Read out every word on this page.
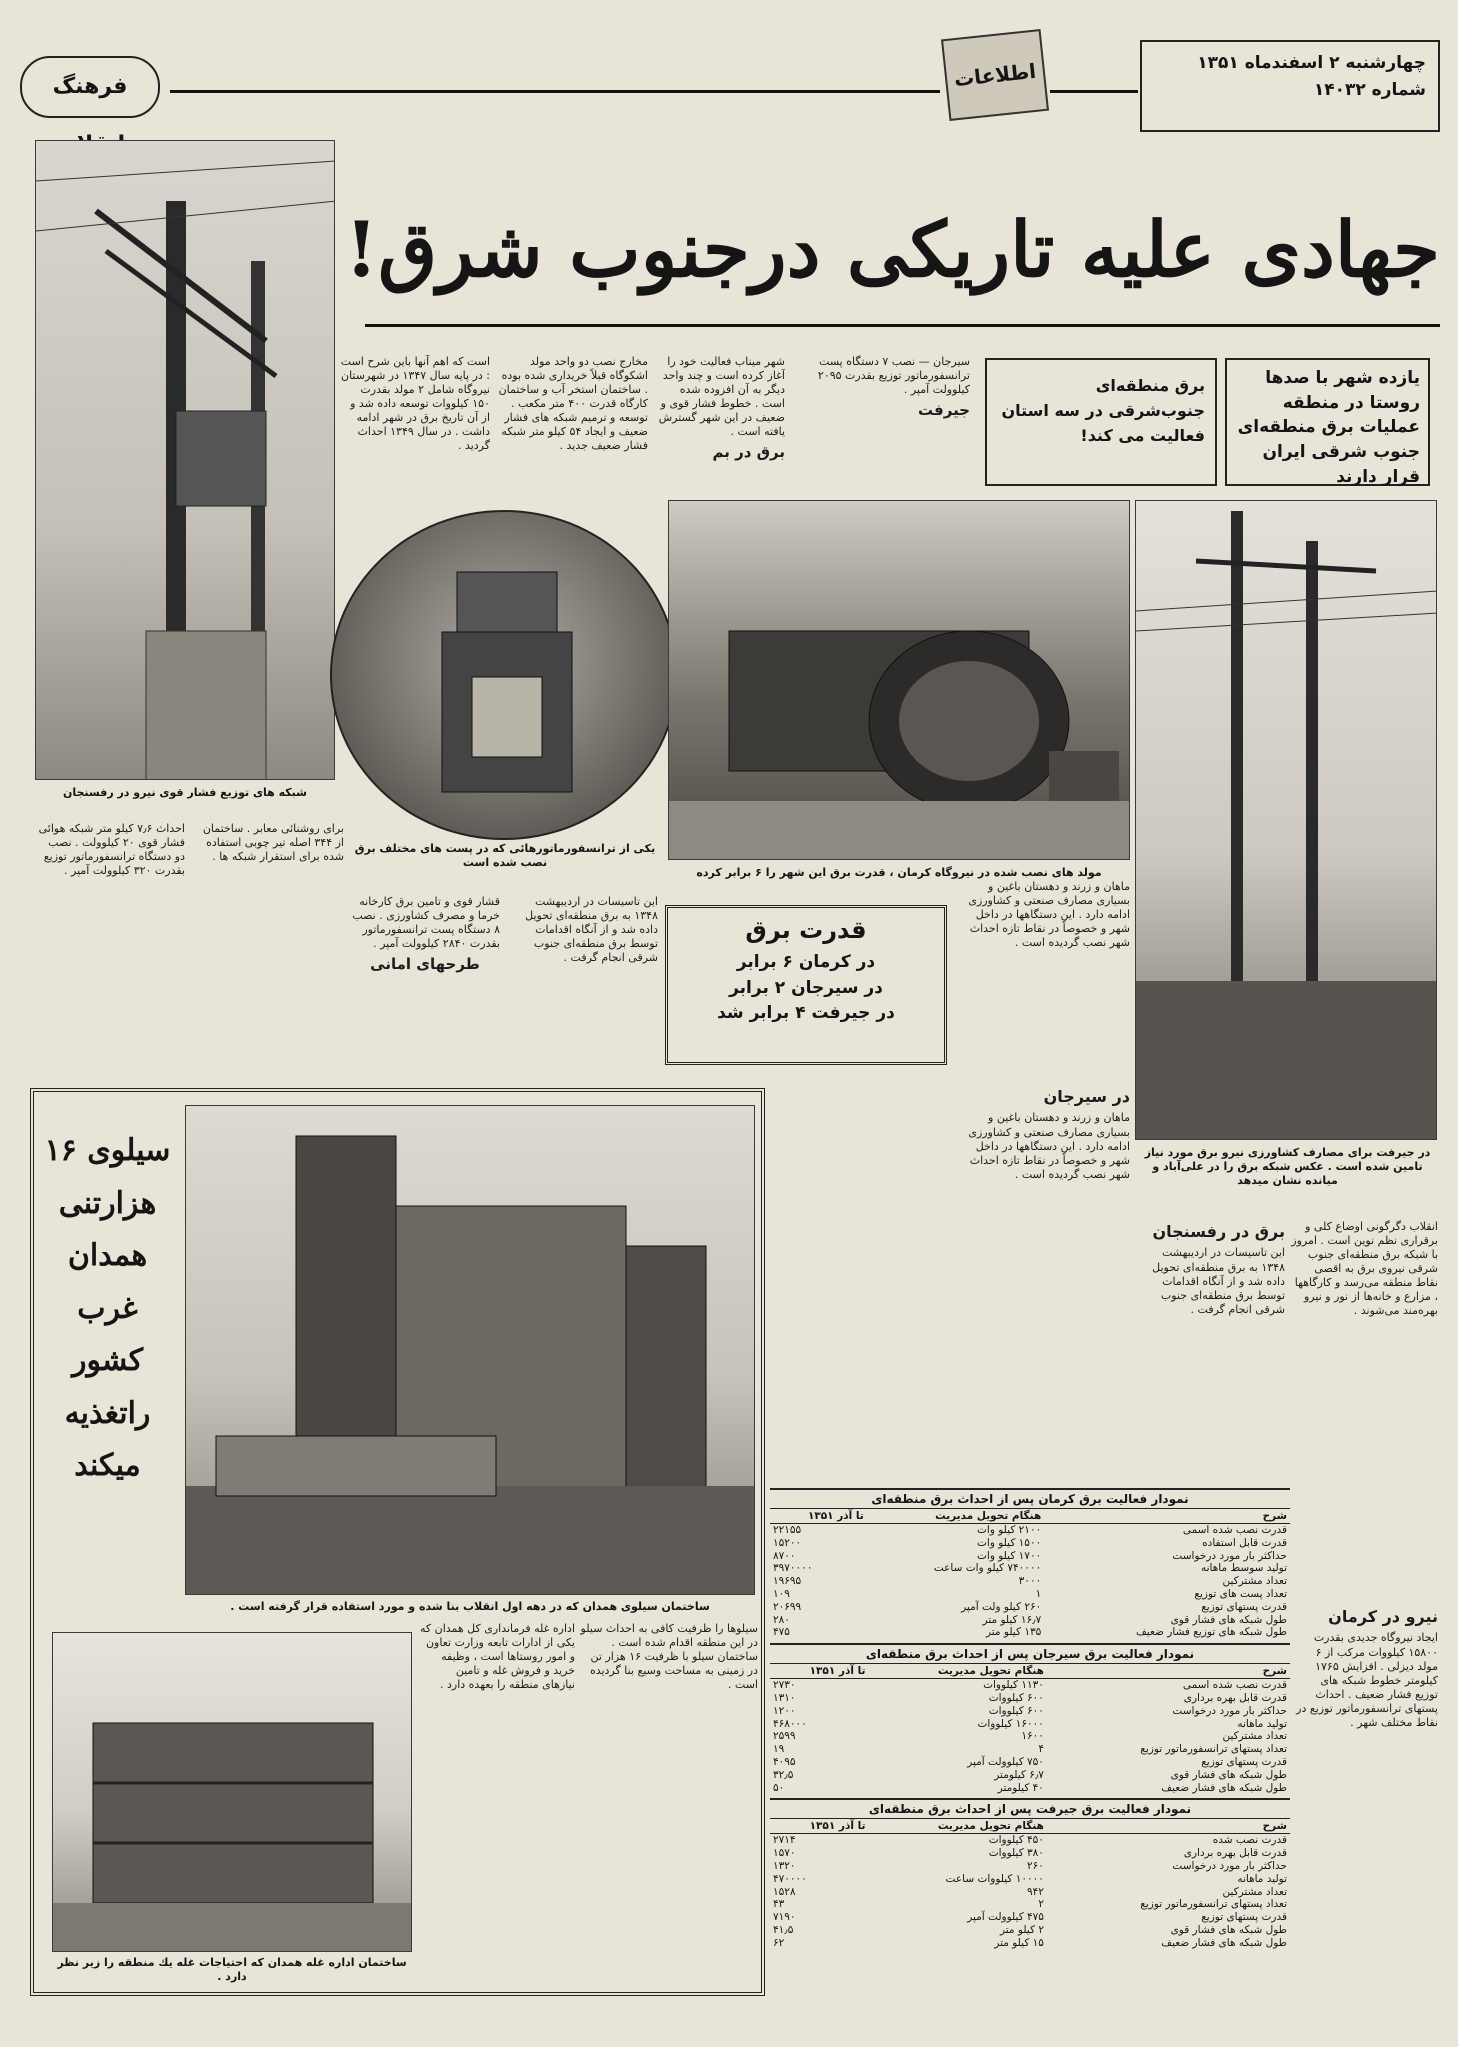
چهارشنبه ۲ اسفندماه ۱۳۵۱
شماره ۱۴۰۳۲
اطلاعات
فرهنگ
جهادی علیه تاریکی درجنوب شرق!
شبکه های توزیع فشار قوی نیرو در رفسنجان
است که اهم آنها باین شرح است : در پایه سال ۱۳۴۷ در شهرستان نیروگاه شامل ۲ مولد بقدرت ۱۵۰ کیلووات توسعه داده شد و از آن تاریخ برق در شهر ادامه داشت . در سال ۱۳۴۹ احداث گردید .
مخارج نصب دو واحد مولد اشکوگاه قبلاً خریداری شده بوده . ساختمان استخر آب و ساختمان کارگاه قدرت ۴۰۰ متر مکعب . توسعه و ترمیم شبکه های فشار ضعیف و ایجاد ۵۴ کیلو متر شبکه فشار ضعیف جدید .
شهر میناب فعالیت خود را آغاز کرده است و چند واحد دیگر به آن افزوده شده است . خطوط فشار قوی و ضعیف در این شهر گسترش یافته است .
برق در بم
سیرجان — نصب ۷ دستگاه پست ترانسفورماتور توزیع بقدرت ۲۰۹۵ کیلوولت آمپر .
جیرفت
یازده شهر با صدها روستا در منطقه عملیات برق منطقه‌ای جنوب شرقی ایران قرار دارند
برق منطقه‌ای جنوب‌شرقی در سه استان فعالیت می کند!
یکی از ترانسفورماتورهائی که در پست های مختلف برق نصب شده است
مولد های نصب شده در نیروگاه کرمان ، قدرت برق این شهر را ۶ برابر کرده
در جیرفت برای مصارف کشاورزی نیرو برق مورد نیاز تامین شده است . عکس شبکه برق را در علی‌آباد و میانده نشان میدهد
احداث ۷٫۶ کیلو متر شبکه هوائی فشار قوی ۲۰ کیلوولت . نصب دو دستگاه ترانسفورماتور توزیع بقدرت ۳۲۰ کیلوولت آمپر .
برای روشنائی معابر . ساختمان از ۳۴۴ اصله تیر چوبی استفاده شده برای استقرار شبکه ها .
قشار قوی و تامین برق کارخانه خرما و مصرف کشاورزی . نصب ۸ دستگاه پست ترانسفورماتور بقدرت ۲۸۴۰ کیلوولت آمپر .
طرحهای امانی
این تاسیسات در اردیبهشت ۱۳۴۸ به برق منطقه‌ای تحویل داده شد و از آنگاه اقدامات توسط برق منطقه‌ای جنوب شرقی انجام گرفت .
قدرت برق
در کرمان ۶ برابر
در سیرجان ۲ برابر
در جیرفت ۴ برابر شد
ماهان و زرند و دهستان باغین و بسیاری مصارف صنعتی و کشاورزی ادامه دارد . این دستگاهها در داخل شهر و خصوصاً در نقاط تازه احداث شهر نصب گردیده است .
در سیرجان
ماهان و زرند و دهستان باغین و بسیاری مصارف صنعتی و کشاورزی ادامه دارد . این دستگاهها در داخل شهر و خصوصاً در نقاط تازه احداث شهر نصب گردیده است .
برق در رفسنجان
این تاسیسات در اردیبهشت ۱۳۴۸ به برق منطقه‌ای تحویل داده شد و از آنگاه اقدامات توسط برق منطقه‌ای جنوب شرقی انجام گرفت .
انقلاب دگرگونی اوضاع کلی و برقراری نظم نوین است . امروز با شبکه برق منطقه‌ای جنوب شرقی نیروی برق به اقصی نقاط منطقه می‌رسد و کارگاهها ، مزارع و خانه‌ها از نور و نیرو بهره‌مند می‌شوند .
سیلوی ۱۶
هزارتنی
همدان
غرب کشور
راتغذیه میکند
ساختمان سیلوی همدان که در دهه اول انقلاب بنا شده و مورد استفاده قرار گرفته است .
سیلوها را ظرفیت کافی به احداث سیلو در این منطقه اقدام شده است . ساختمان سیلو با ظرفیت ۱۶ هزار تن در زمینی به مساحت وسیع بنا گردیده است .
اداره غله فرمانداری کل همدان که یکی از ادارات تابعه وزارت تعاون و امور روستاها است ، وظیفه خرید و فروش غله و تامین نیازهای منطقه را بعهده دارد .
ساختمان اداره غله همدان که احتیاجات غله یك منطقه را زیر نظر دارد .
نمودار فعالیت برق کرمان پس از احداث برق منطقه‌ای
شرح	هنگام تحویل مدیریت	تا آذر ۱۳۵۱
قدرت نصب شده اسمی	۲۱۰۰ کیلو وات	۲۲۱۵۵
قدرت قابل استفاده	۱۵۰۰ کیلو وات	۱۵۲۰۰
حداکثر بار مورد درخواست	۱۷۰۰ کیلو وات	۸۷۰۰
تولید سوسط ماهانه	۷۴۰۰۰۰ کیلو وات ساعت	۳۹۷۰۰۰۰
تعداد مشترکین	۳۰۰۰	۱۹۶۹۵
تعداد پست های توزیع	۱	۱۰۹
قدرت پستهای توزیع	۲۶۰ کیلو ولت آمپر	۲۰۶۹۹
طول شبکه های فشار قوی	۱۶٫۷ کیلو متر	۲۸۰
طول شبکه های توزیع فشار ضعیف	۱۳۵ کیلو متر	۴۷۵
نمودار فعالیت برق سیرجان پس از احداث برق منطقه‌ای
شرح	هنگام تحویل مدیریت	تا آذر ۱۳۵۱
قدرت نصب شده اسمی	۱۱۳۰ کیلووات	۲۷۳۰
قدرت قابل بهره برداری	۶۰۰ کیلووات	۱۳۱۰
حداکثر بار مورد درخواست	۶۰۰ کیلووات	۱۲۰۰
تولید ماهانه	۱۶۰۰۰ کیلووات	۴۶۸۰۰۰
تعداد مشترکین	۱۶۰۰	۲۵۹۹
تعداد پستهای ترانسفورماتور توزیع	۴	۱۹
قدرت پستهای توزیع	۷۵۰ کیلوولت آمپر	۴۰۹۵
طول شبکه های فشار قوی	۶٫۷ کیلومتر	۳۲٫۵
طول شبکه های فشار ضعیف	۴۰ کیلومتر	۵۰
نمودار فعالیت برق جیرفت پس از احداث برق منطقه‌ای
شرح	هنگام تحویل مدیریت	تا آذر ۱۳۵۱
قدرت نصب شده	۴۵۰ کیلووات	۲۷۱۴
قدرت قابل بهره برداری	۳۸۰ کیلووات	۱۵۷۰
حداکثر بار مورد درخواست	۲۶۰	۱۳۲۰
تولید ماهانه	۱۰۰۰۰ کیلووات ساعت	۴۷۰۰۰۰
تعداد مشترکین	۹۴۲	۱۵۲۸
تعداد پستهای ترانسفورماتور توزیع	۲	۴۳
قدرت پستهای توزیع	۴۷۵ کیلوولت آمپر	۷۱۹۰
طول شبکه های فشار قوی	۲ کیلو متر	۴۱٫۵
طول شبکه های فشار ضعیف	۱۵ کیلو متر	۶۲
نیرو در کرمان
ایجاد نیروگاه جدیدی بقدرت ۱۵۸۰۰ کیلووات مرکب از ۶ مولد دیزلی . افزایش ۱۷۶۵ کیلومتر خطوط شبکه های توزیع فشار ضعیف . احداث پستهای ترانسفورماتور توزیع در نقاط مختلف شهر .
